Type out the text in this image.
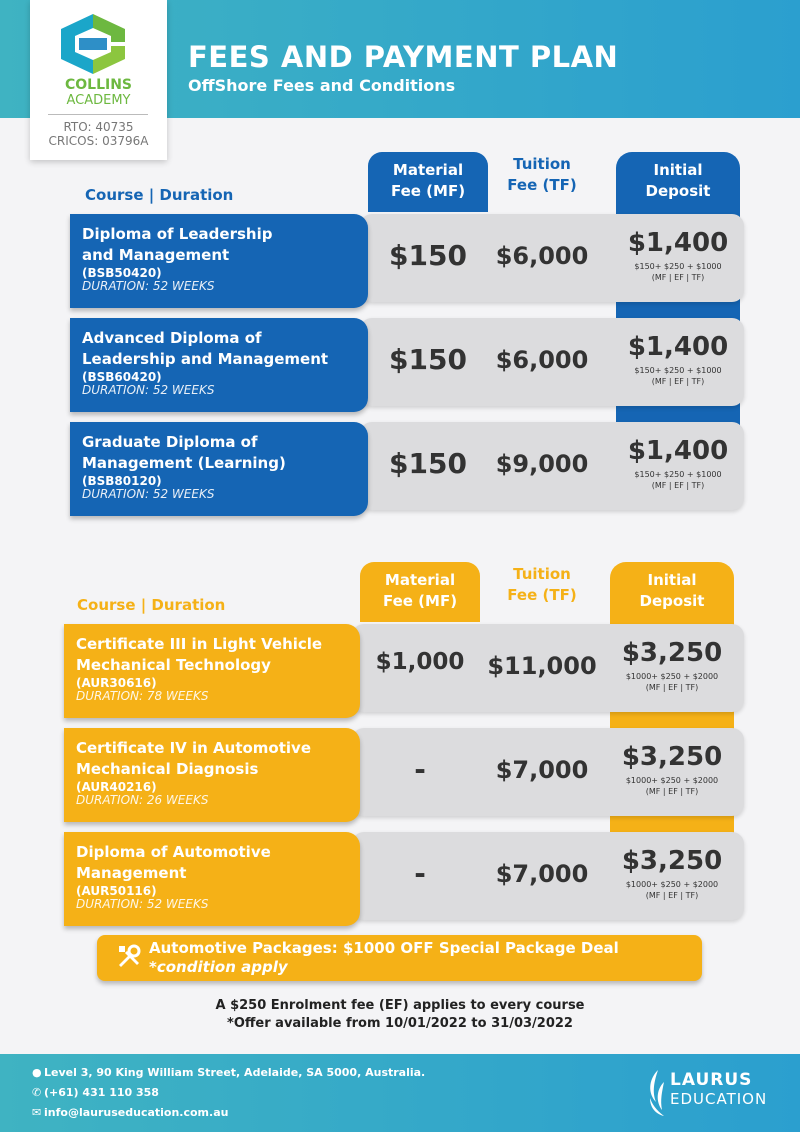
FEES AND PAYMENT PLAN
OffShore Fees and Conditions
COLLINS
ACADEMY
RTO: 40735
CRICOS: 03796A
Material
Fee (MF)
Tuition
Fee (TF)
Initial
Deposit
Course | Duration
Diploma of Leadership
and Management
(BSB50420)
DURATION: 52 WEEKS
$150	$6,000	$1,400
$150+ $250 + $1000
(MF | EF | TF)
Advanced Diploma of
Leadership and Management
(BSB60420)
DURATION: 52 WEEKS
$150	$6,000	$1,400
$150+ $250 + $1000
(MF | EF | TF)
Graduate Diploma of
Management (Learning)
(BSB80120)
DURATION: 52 WEEKS
$150	$9,000	$1,400
$150+ $250 + $1000
(MF | EF | TF)
Material
Fee (MF)
Tuition
Fee (TF)
Initial
Deposit
Course | Duration
Certificate III in Light Vehicle
Mechanical Technology
(AUR30616)
DURATION: 78 WEEKS
$1,000 $11,000 $3,250
$1000+ $250 + $2000
(MF | EF | TF)
Certificate IV in Automotive
Mechanical Diagnosis
(AUR40216)
DURATION: 26 WEEKS
-	$7,000	$3,250
$1000+ $250 + $2000
(MF | EF | TF)
Diploma of Automotive
Management
(AUR50116)
DURATION: 52 WEEKS
-	$7,000	$3,250
$1000+ $250 + $2000
(MF | EF | TF)
Automotive Packages: $1000 OFF Special Package Deal
*condition apply
A $250 Enrolment fee (EF) applies to every course
*Offer available from 10/01/2022 to 31/03/2022
● Level 3, 90 King William Street, Adelaide, SA 5000, Australia.
✆ (+61) 431 110 358
✉ info@lauruseducation.com.au
LAURUS
EDUCATION
